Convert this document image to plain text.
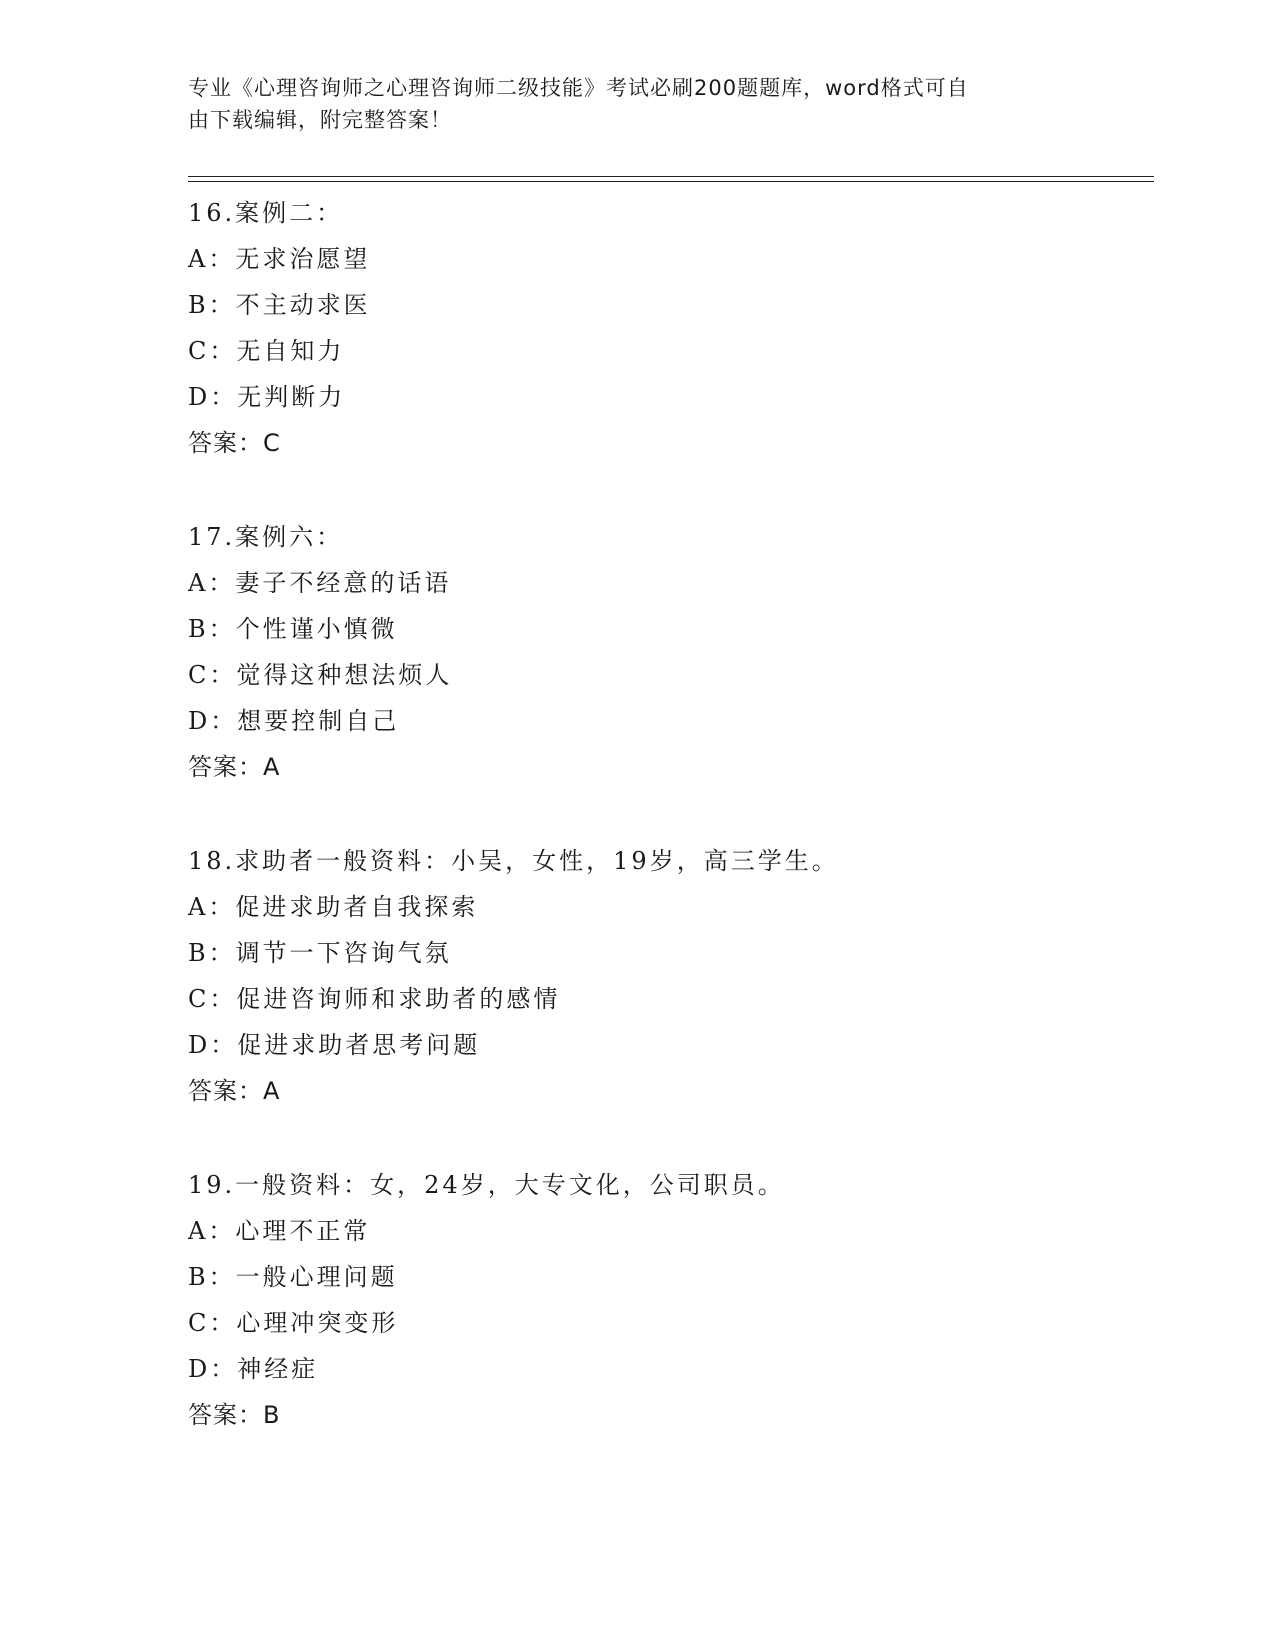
专业《心理咨询师之心理咨询师二级技能》考试必刷200题题库，word格式可自
由下载编辑，附完整答案！
16.案例二：
A：无求治愿望
B：不主动求医
C：无自知力
D：无判断力
答案：C
17.案例六：
A：妻子不经意的话语
B：个性谨小慎微
C：觉得这种想法烦人
D：想要控制自己
答案：A
18.求助者一般资料：小吴，女性，19岁，高三学生。
A：促进求助者自我探索
B：调节一下咨询气氛
C：促进咨询师和求助者的感情
D：促进求助者思考问题
答案：A
19.一般资料：女，24岁，大专文化，公司职员。
A：心理不正常
B：一般心理问题
C：心理冲突变形
D：神经症
答案：B
